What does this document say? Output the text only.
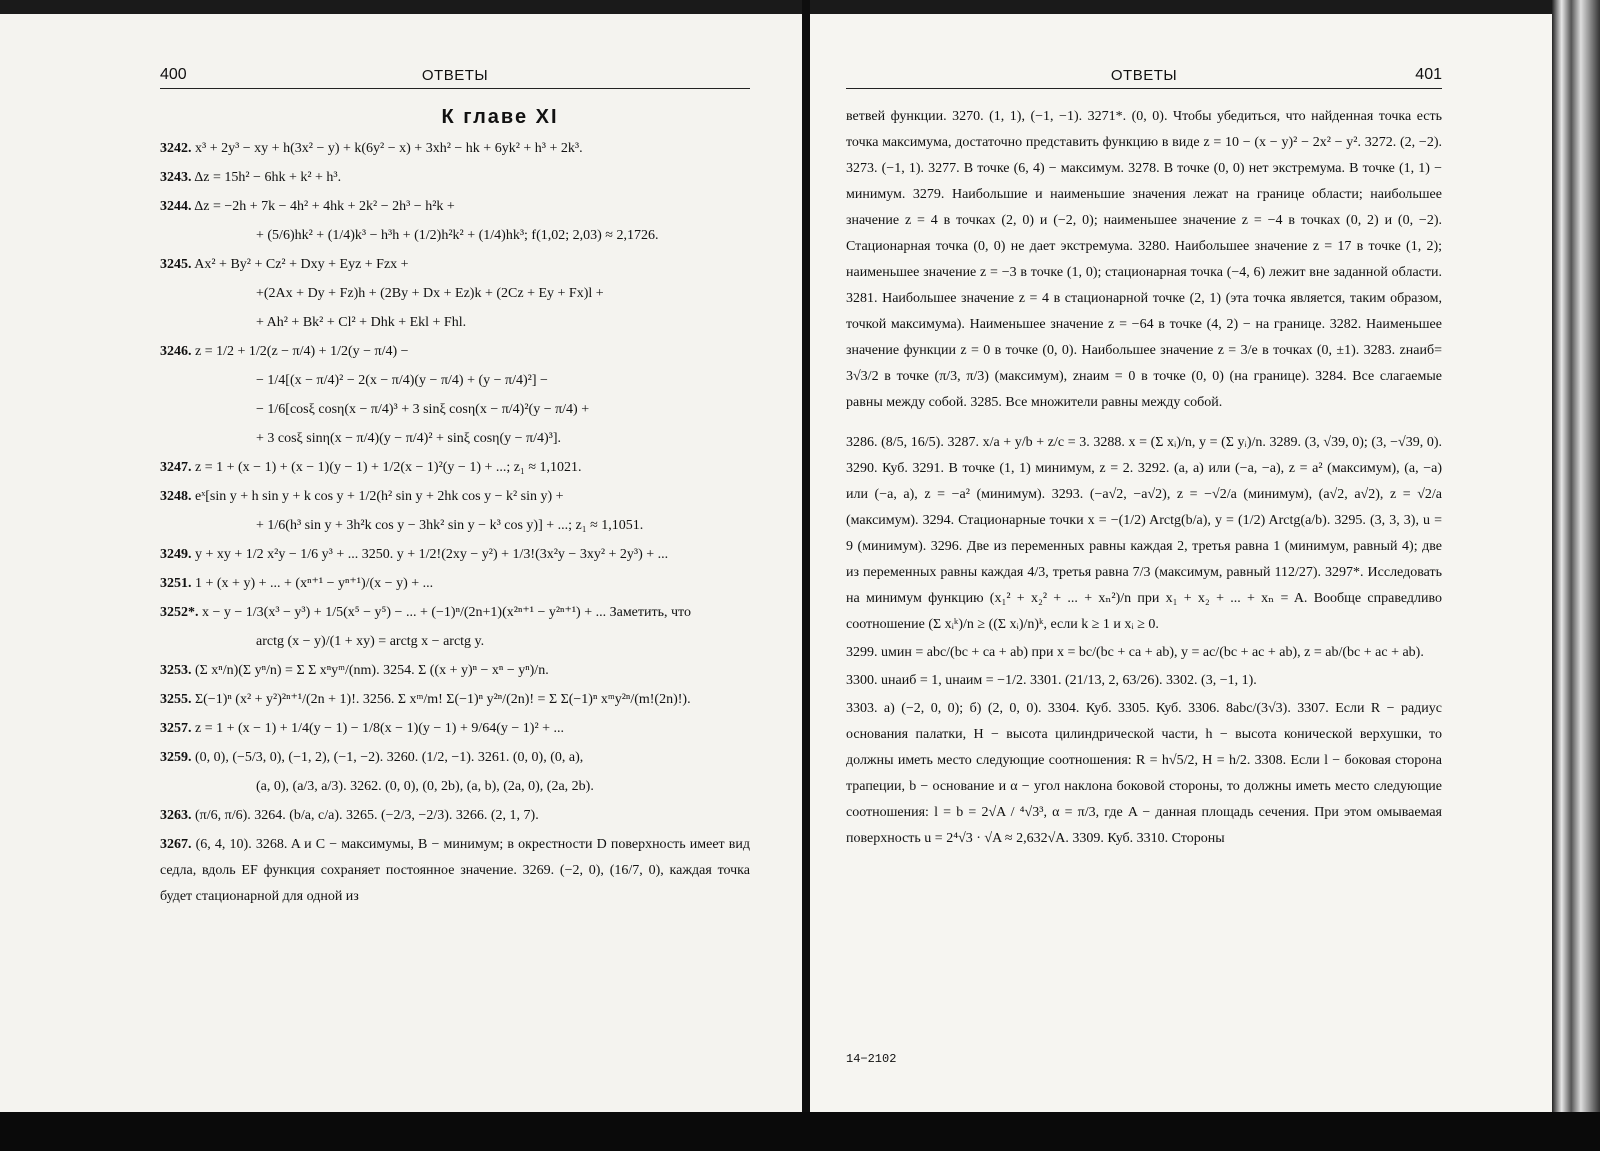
400	ОТВЕТЫ
К главе XI
3242. x³ + 2y³ − xy + h(3x² − y) + k(6y² − x) + 3xh² − hk + 6yk² + h³ + 2k³.
3243. Δz = 15h² − 6hk + k² + h³.
3244. Δz = −2h + 7k − 4h² + 4hk + 2k² − 2h³ − h²k +
+ (5/6)hk² + (1/4)k³ − h³h + (1/2)h²k² + (1/4)hk³; f(1,02; 2,03) ≈ 2,1726.
3245. Ax² + By² + Cz² + Dxy + Eyz + Fzx +
+(2Ax + Dy + Fz)h + (2By + Dx + Ez)k + (2Cz + Ey + Fx)l +
+ Ah² + Bk² + Cl² + Dhk + Ekl + Fhl.
3246. z = 1/2 + 1/2(z − π/4) + 1/2(y − π/4) −
− 1/4[(x − π/4)² − 2(x − π/4)(y − π/4) + (y − π/4)²] −
− 1/6[cosξ cosη(x − π/4)³ + 3 sinξ cosη(x − π/4)²(y − π/4) +
+ 3 cosξ sinη(x − π/4)(y − π/4)² + sinξ cosη(y − π/4)³].
3247. z = 1 + (x − 1) + (x − 1)(y − 1) + 1/2(x − 1)²(y − 1) + ...; z₁ ≈ 1,1021.
3248. eˣ[sin y + h sin y + k cos y + 1/2(h² sin y + 2hk cos y − k² sin y) +
+ 1/6(h³ sin y + 3h²k cos y − 3hk² sin y − k³ cos y)] + ...; z₁ ≈ 1,1051.
3249. y + xy + 1/2 x²y − 1/6 y³ + ... 3250. y + 1/2!(2xy − y²) + 1/3!(3x²y − 3xy² + 2y³) + ...
3251. 1 + (x + y) + ... + (xⁿ⁺¹ − yⁿ⁺¹)/(x − y) + ...
3252*. x − y − 1/3(x³ − y³) + 1/5(x⁵ − y⁵) − ... + (−1)ⁿ/(2n+1)(x²ⁿ⁺¹ − y²ⁿ⁺¹) + ... Заметить, что
arctg (x − y)/(1 + xy) = arctg x − arctg y.
3253. (Σ xⁿ/n)(Σ yⁿ/n) = Σ Σ xⁿyᵐ/(nm). 3254. Σ ((x + y)ⁿ − xⁿ − yⁿ)/n.
3255. Σ(−1)ⁿ (x² + y²)²ⁿ⁺¹/(2n + 1)!. 3256. Σ xᵐ/m! Σ(−1)ⁿ y²ⁿ/(2n)! = Σ Σ(−1)ⁿ xᵐy²ⁿ/(m!(2n)!).
3257. z = 1 + (x − 1) + 1/4(y − 1) − 1/8(x − 1)(y − 1) + 9/64(y − 1)² + ...
3259. (0, 0), (−5/3, 0), (−1, 2), (−1, −2). 3260. (1/2, −1). 3261. (0, 0), (0, a),
(a, 0), (a/3, a/3). 3262. (0, 0), (0, 2b), (a, b), (2a, 0), (2a, 2b).
3263. (π/6, π/6). 3264. (b/a, c/a). 3265. (−2/3, −2/3). 3266. (2, 1, 7).
3267. (6, 4, 10). 3268. A и C − максимумы, B − минимум; в окрестности D поверхность имеет вид седла, вдоль EF функция сохраняет постоянное значение. 3269. (−2, 0), (16/7, 0), каждая точка будет стационарной для одной из
ОТВЕТЫ	401

ветвей функции. 3270. (1, 1), (−1, −1). 3271*. (0, 0). Чтобы убедиться, что найденная точка есть точка максимума, достаточно представить функцию в виде z = 10 − (x − y)² − 2x² − y². 3272. (2, −2). 3273. (−1, 1). 3277. В точке (6, 4) − максимум. 3278. В точке (0, 0) нет экстремума. В точке (1, 1) − минимум. 3279. Наибольшие и наименьшие значения лежат на границе области; наибольшее значение z = 4 в точках (2, 0) и (−2, 0); наименьшее значение z = −4 в точках (0, 2) и (0, −2). Стационарная точка (0, 0) не дает экстремума. 3280. Наибольшее значение z = 17 в точке (1, 2); наименьшее значение z = −3 в точке (1, 0); стационарная точка (−4, 6) лежит вне заданной области. 3281. Наибольшее значение z = 4 в стационарной точке (2, 1) (эта точка является, таким образом, точкой максимума). Наименьшее значение z = −64 в точке (4, 2) − на границе. 3282. Наименьшее значение функции z = 0 в точке (0, 0). Наибольшее значение z = 3/e в точках (0, ±1). 3283. zнаиб= 3√3/2 в точке (π/3, π/3) (максимум), zнаим = 0 в точке (0, 0) (на границе). 3284. Все слагаемые равны между собой. 3285. Все множители равны между собой.

3286. (8/5, 16/5). 3287. x/a + y/b + z/c = 3. 3288. x = (Σ xᵢ)/n, y = (Σ yᵢ)/n. 3289. (3, √39, 0); (3, −√39, 0). 3290. Куб. 3291. В точке (1, 1) минимум, z = 2. 3292. (a, a) или (−a, −a), z = a² (максимум), (a, −a) или (−a, a), z = −a² (минимум). 3293. (−a√2, −a√2), z = −√2/a (минимум), (a√2, a√2), z = √2/a (максимум). 3294. Стационарные точки x = −(1/2) Arctg(b/a), y = (1/2) Arctg(a/b). 3295. (3, 3, 3), u = 9 (минимум). 3296. Две из переменных равны каждая 2, третья равна 1 (минимум, равный 4); две из переменных равны каждая 4/3, третья равна 7/3 (максимум, равный 112/27). 3297*. Исследовать на минимум функцию (x₁² + x₂² + ... + xₙ²)/n при x₁ + x₂ + ... + xₙ = A. Вообще справедливо соотношение (Σ xᵢᵏ)/n ≥ ((Σ xᵢ)/n)ᵏ, если k ≥ 1 и xᵢ ≥ 0.

3299. uмин = abc/(bc + ca + ab) при x = bc/(bc + ca + ab), y = ac/(bc + ac + ab), z = ab/(bc + ac + ab).

3300. uнаиб = 1, uнаим = −1/2. 3301. (21/13, 2, 63/26). 3302. (3, −1, 1).

3303. а) (−2, 0, 0); б) (2, 0, 0). 3304. Куб. 3305. Куб. 3306. 8abc/(3√3). 3307. Если R − радиус основания палатки, H − высота цилиндрической части, h − высота конической верхушки, то должны иметь место следующие соотношения: R = h√5/2, H = h/2. 3308. Если l − боковая сторона трапеции, b − основание и α − угол наклона боковой стороны, то должны иметь место следующие соотношения: l = b = 2√A / ⁴√3³, α = π/3, где A − данная площадь сечения. При этом омываемая поверхность u = 2⁴√3 · √A ≈ 2,632√A. 3309. Куб. 3310. Стороны

14−2102
